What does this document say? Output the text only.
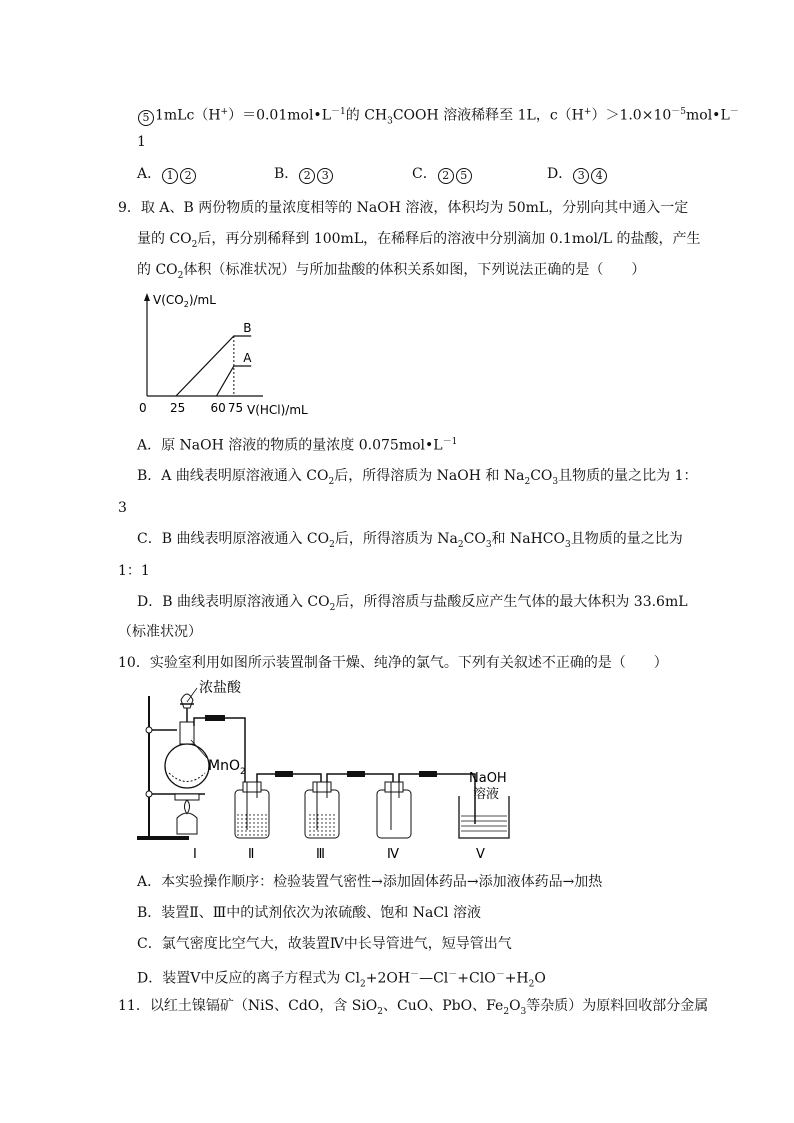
5 $1mLc(H^+)=0.01mol•L^{-1}$的 $CH_3COOH$ 溶液稀释至 1L，$c(H^+)>1.0\times 10^{-5}mol•L^-$
1
A． 1 2	B． 2 3	C． 2 5	D． 3 4
9．取 A、B 两份物质的量浓度相等的 NaOH 溶液，体积均为 50mL，分别向其中通入一定
量的 $CO_2$后，再分别稀释到 100mL，在稀释后的溶液中分别滴加 0.1mol/L 的盐酸，产生
的 $CO_2$体积（标准状况）与所加盐酸的体积关系如图，下列说法正确的是（　　）
$V(CO_2)/mL$
V(HCl)/mL
0 25 60 75
B
A
A．原 NaOH 溶液的物质的量浓度 $0.075mol•L^{-1}$
B．A 曲线表明原溶液通入 $CO_2$后，所得溶质为 NaOH 和 $Na_2CO_3$且物质的量之比为 1：
3
C．B 曲线表明原溶液通入 $CO_2$后，所得溶质为 $Na_2CO_3$和 NaHCO$_3$且物质的量之比为
1：1
D．B 曲线表明原溶液通入 $CO_2$后，所得溶质与盐酸反应产生气体的最大体积为 33.6mL
（标准状况）
10．实验室利用如图所示装置制备干燥、纯净的氯气。下列有关叙述不正确的是（　　）
浓盐酸
MnO$_2$	NaOH
溶液
Ⅰ	Ⅱ	Ⅲ	Ⅳ	Ⅴ
A．本实验操作顺序：检验装置气密性→添加固体药品→添加液体药品→加热
B．装置Ⅱ、Ⅲ中的试剂依次为浓硫酸、饱和 NaCl 溶液
C．氯气密度比空气大，故装置Ⅳ中长导管进气，短导管出气
D．装置Ⅴ中反应的离子方程式为 $Cl_2+2OH^-—Cl^-+ClO^-+H_2O$
11．以红土镍镉矿（NiS、CdO，含 SiO$_2$、CuO、PbO、$Fe_2O_3$等杂质）为原料回收部分金属
